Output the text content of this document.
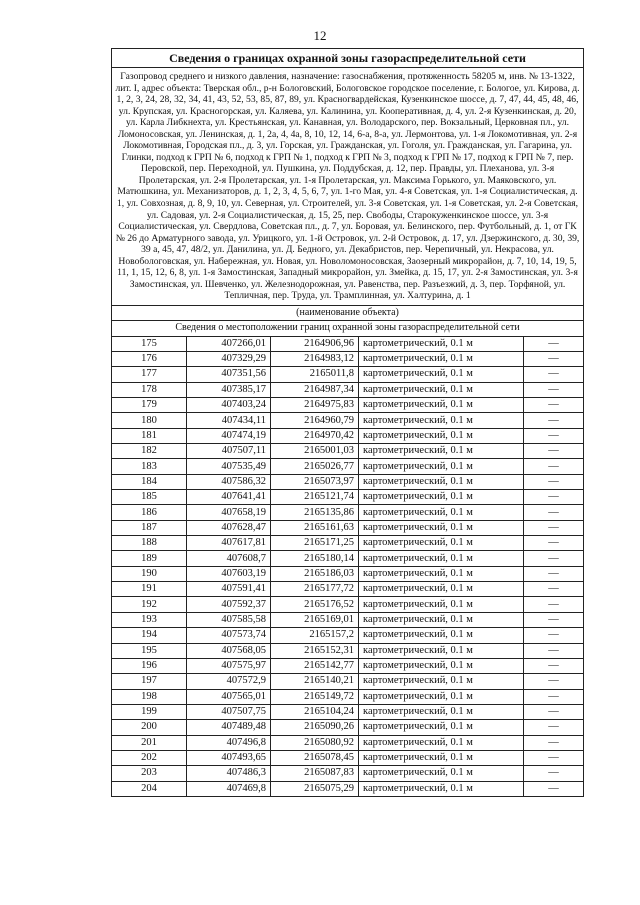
12
Сведения о границах охранной зоны газораспределительной сети				
Газопровод среднего и низкого давления, назначение: газоснабжения, протяженность 58205 м, инв. № 13-1322, лит. I, адрес объекта: Тверская обл., р-н Бологовский, Бологовское городское поселение, г. Бологое, ул. Кирова, д. 1, 2, 3, 24, 28, 32, 34, 41, 43, 52, 53, 85, 87, 89, ул. Красногвардейская, Кузенкинское шоссе, д. 7, 47, 44, 45, 48, 46, ул. Крупская, ул. Красногорская, ул. Каляева, ул. Калинина, ул. Кооперативная, д. 4, ул. 2-я Кузенкинская, д. 20, ул. Карла Либкнехта, ул. Крестьянская, ул. Канавная, ул. Володарского, пер. Вокзальный, Церковная пл., ул. Ломоносовская, ул. Ленинская, д. 1, 2а, 4, 4а, 8, 10, 12, 14, 6-а, 8-а, ул. Лермонтова, ул. 1-я Локомотивная, ул. 2-я Локомотивная, Городская пл., д. 3, ул. Горская, ул. Гражданская, ул. Гоголя, ул. Гражданская, ул. Гагарина, ул. Глинки, подход к ГРП № 6, подход к ГРП № 1, подход к ГРП № 3, подход к ГРП № 17, подход к ГРП № 7, пер. Перовской, пер. Переходной, ул. Пушкина, ул. Поддубская, д. 12, пер. Правды, ул. Плеханова, ул. 3-я Пролетарская, ул. 2-я Пролетарская, ул. 1-я Пролетарская, ул. Максима Горького, ул. Маяковского, ул. Матюшкина, ул. Механизаторов, д. 1, 2, 3, 4, 5, 6, 7, ул. 1-го Мая, ул. 4-я Советская, ул. 1-я Социалистическая, д. 1, ул. Совхозная, д. 8, 9, 10, ул. Северная, ул. Строителей, ул. 3-я Советская, ул. 1-я Советская, ул. 2-я Советская, ул. Садовая, ул. 2-я Социалистическая, д. 15, 25, пер. Свободы, Старокуженкинское шоссе, ул. 3-я Социалистическая, ул. Свердлова, Советская пл., д. 7, ул. Боровая, ул. Белинского, пер. Футбольный, д. 1, от ГК № 26 до Арматурного завода, ул. Урицкого, ул. 1-й Островок, ул. 2-й Островок, д. 17, ул. Дзержинского, д. 30, 39, 39 а, 45, 47, 48/2, ул. Данилина, ул. Д. Бедного, ул. Декабристов, пер. Черепичный, ул. Некрасова, ул. Новобологовская, ул. Набережная, ул. Новая, ул. Новоломоносовская, Заозерный микрорайон, д. 7, 10, 14, 19, 5, 11, 1, 15, 12, 6, 8, ул. 1-я Замостинская, Западный микрорайон, ул. Змейка, д. 15, 17, ул. 2-я Замостинская, ул. 3-я Замостинская, ул. Шевченко, ул. Железнодорожная, ул. Равенства, пер. Разъезжий, д. 3, пер. Торфяной, ул. Тепличная, пер. Труда, ул. Трамплинная, ул. Халтурина, д. 1				
(наименование объекта)				
Сведения о местоположении границ охранной зоны газораспределительной сети				
175	407266,01	2164906,96	картометрический, 0.1 м	—
176	407329,29	2164983,12	картометрический, 0.1 м	—
177	407351,56	2165011,8	картометрический, 0.1 м	—
178	407385,17	2164987,34	картометрический, 0.1 м	—
179	407403,24	2164975,83	картометрический, 0.1 м	—
180	407434,11	2164960,79	картометрический, 0.1 м	—
181	407474,19	2164970,42	картометрический, 0.1 м	—
182	407507,11	2165001,03	картометрический, 0.1 м	—
183	407535,49	2165026,77	картометрический, 0.1 м	—
184	407586,32	2165073,97	картометрический, 0.1 м	—
185	407641,41	2165121,74	картометрический, 0.1 м	—
186	407658,19	2165135,86	картометрический, 0.1 м	—
187	407628,47	2165161,63	картометрический, 0.1 м	—
188	407617,81	2165171,25	картометрический, 0.1 м	—
189	407608,7	2165180,14	картометрический, 0.1 м	—
190	407603,19	2165186,03	картометрический, 0.1 м	—
191	407591,41	2165177,72	картометрический, 0.1 м	—
192	407592,37	2165176,52	картометрический, 0.1 м	—
193	407585,58	2165169,01	картометрический, 0.1 м	—
194	407573,74	2165157,2	картометрический, 0.1 м	—
195	407568,05	2165152,31	картометрический, 0.1 м	—
196	407575,97	2165142,77	картометрический, 0.1 м	—
197	407572,9	2165140,21	картометрический, 0.1 м	—
198	407565,01	2165149,72	картометрический, 0.1 м	—
199	407507,75	2165104,24	картометрический, 0.1 м	—
200	407489,48	2165090,26	картометрический, 0.1 м	—
201	407496,8	2165080,92	картометрический, 0.1 м	—
202	407493,65	2165078,45	картометрический, 0.1 м	—
203	407486,3	2165087,83	картометрический, 0.1 м	—
204	407469,8	2165075,29	картометрический, 0.1 м	—
